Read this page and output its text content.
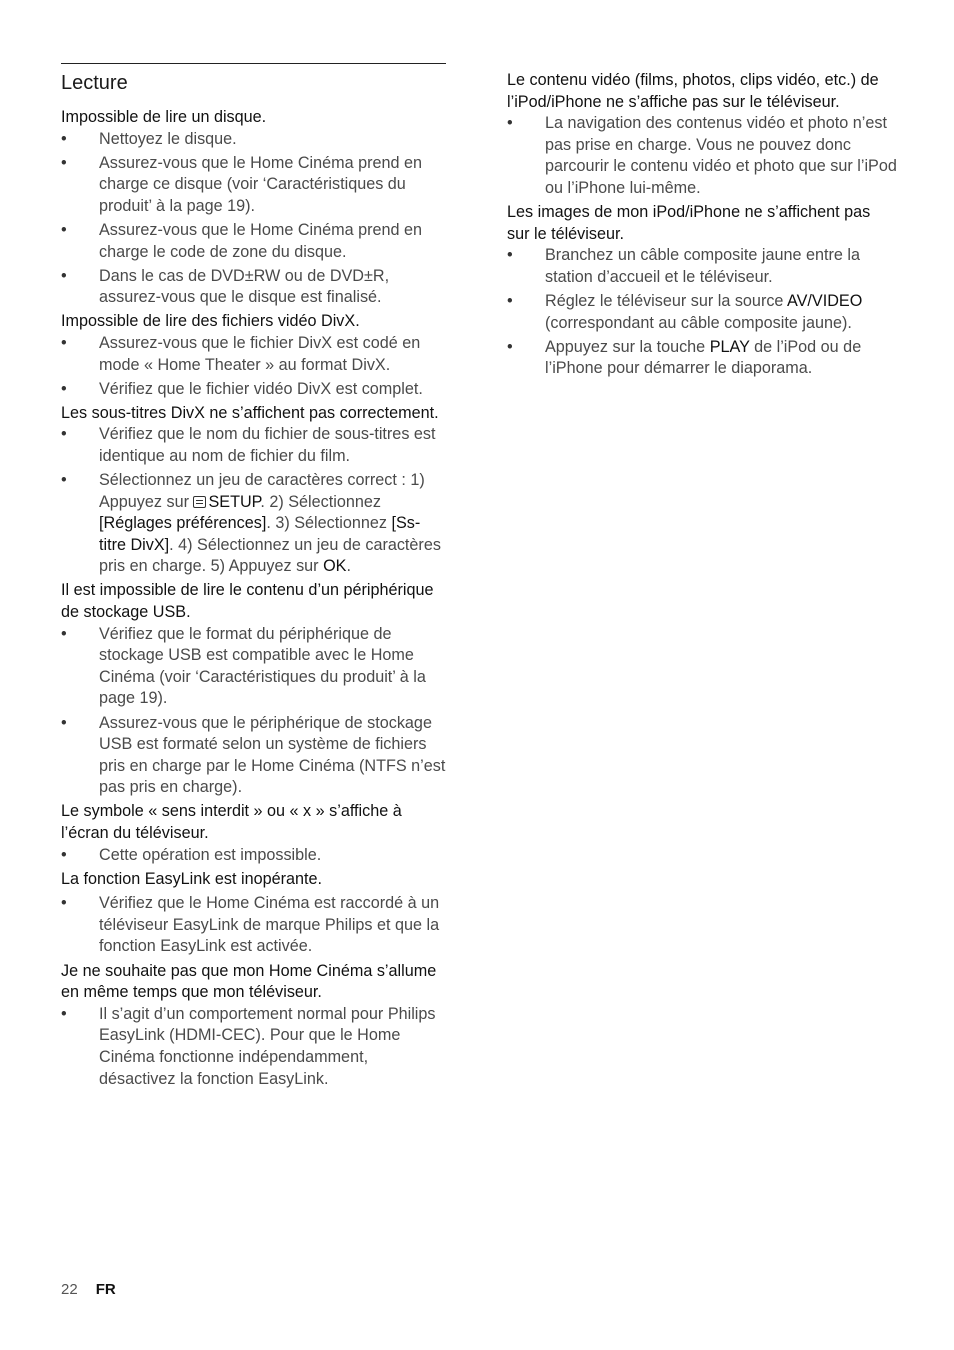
Lecture

Impossible de lire un disque.

• Nettoyez le disque.
• Assurez-vous que le Home Cinéma prend en charge ce disque (voir ‘Caractéristiques du produit’ à la page 19).
• Assurez-vous que le Home Cinéma prend en charge le code de zone du disque.
• Dans le cas de DVD±RW ou de DVD±R, assurez-vous que le disque est finalisé.

Impossible de lire des fichiers vidéo DivX.

• Assurez-vous que le fichier DivX est codé en mode « Home Theater » au format DivX.
• Vérifiez que le fichier vidéo DivX est complet.

Les sous-titres DivX ne s’affichent pas correctement.

• Vérifiez que le nom du fichier de sous-titres est identique au nom de fichier du film.
• Sélectionnez un jeu de caractères correct : 1) Appuyez sur SETUP. 2) Sélectionnez [Réglages préférences]. 3) Sélectionnez [Ss-titre DivX]. 4) Sélectionnez un jeu de caractères pris en charge. 5) Appuyez sur OK.

Il est impossible de lire le contenu d’un périphérique de stockage USB.

• Vérifiez que le format du périphérique de stockage USB est compatible avec le Home Cinéma (voir ‘Caractéristiques du produit’ à la page 19).
• Assurez-vous que le périphérique de stockage USB est formaté selon un système de fichiers pris en charge par le Home Cinéma (NTFS n’est pas pris en charge).

Le symbole « sens interdit » ou « x » s’affiche à l’écran du téléviseur.

• Cette opération est impossible.

La fonction EasyLink est inopérante.

• Vérifiez que le Home Cinéma est raccordé à un téléviseur EasyLink de marque Philips et que la fonction EasyLink est activée.

Je ne souhaite pas que mon Home Cinéma s’allume en même temps que mon téléviseur.

• Il s’agit d’un comportement normal pour Philips EasyLink (HDMI-CEC). Pour que le Home Cinéma fonctionne indépendamment, désactivez la fonction EasyLink.

Le contenu vidéo (films, photos, clips vidéo, etc.) de l’iPod/iPhone ne s’affiche pas sur le téléviseur.

• La navigation des contenus vidéo et photo n’est pas prise en charge. Vous ne pouvez donc parcourir le contenu vidéo et photo que sur l’iPod ou l’iPhone lui-même.

Les images de mon iPod/iPhone ne s’affichent pas sur le téléviseur.

• Branchez un câble composite jaune entre la station d’accueil et le téléviseur.
• Réglez le téléviseur sur la source AV/VIDEO (correspondant au câble composite jaune).
• Appuyez sur la touche PLAY de l’iPod ou de l’iPhone pour démarrer le diaporama.
22 FR
